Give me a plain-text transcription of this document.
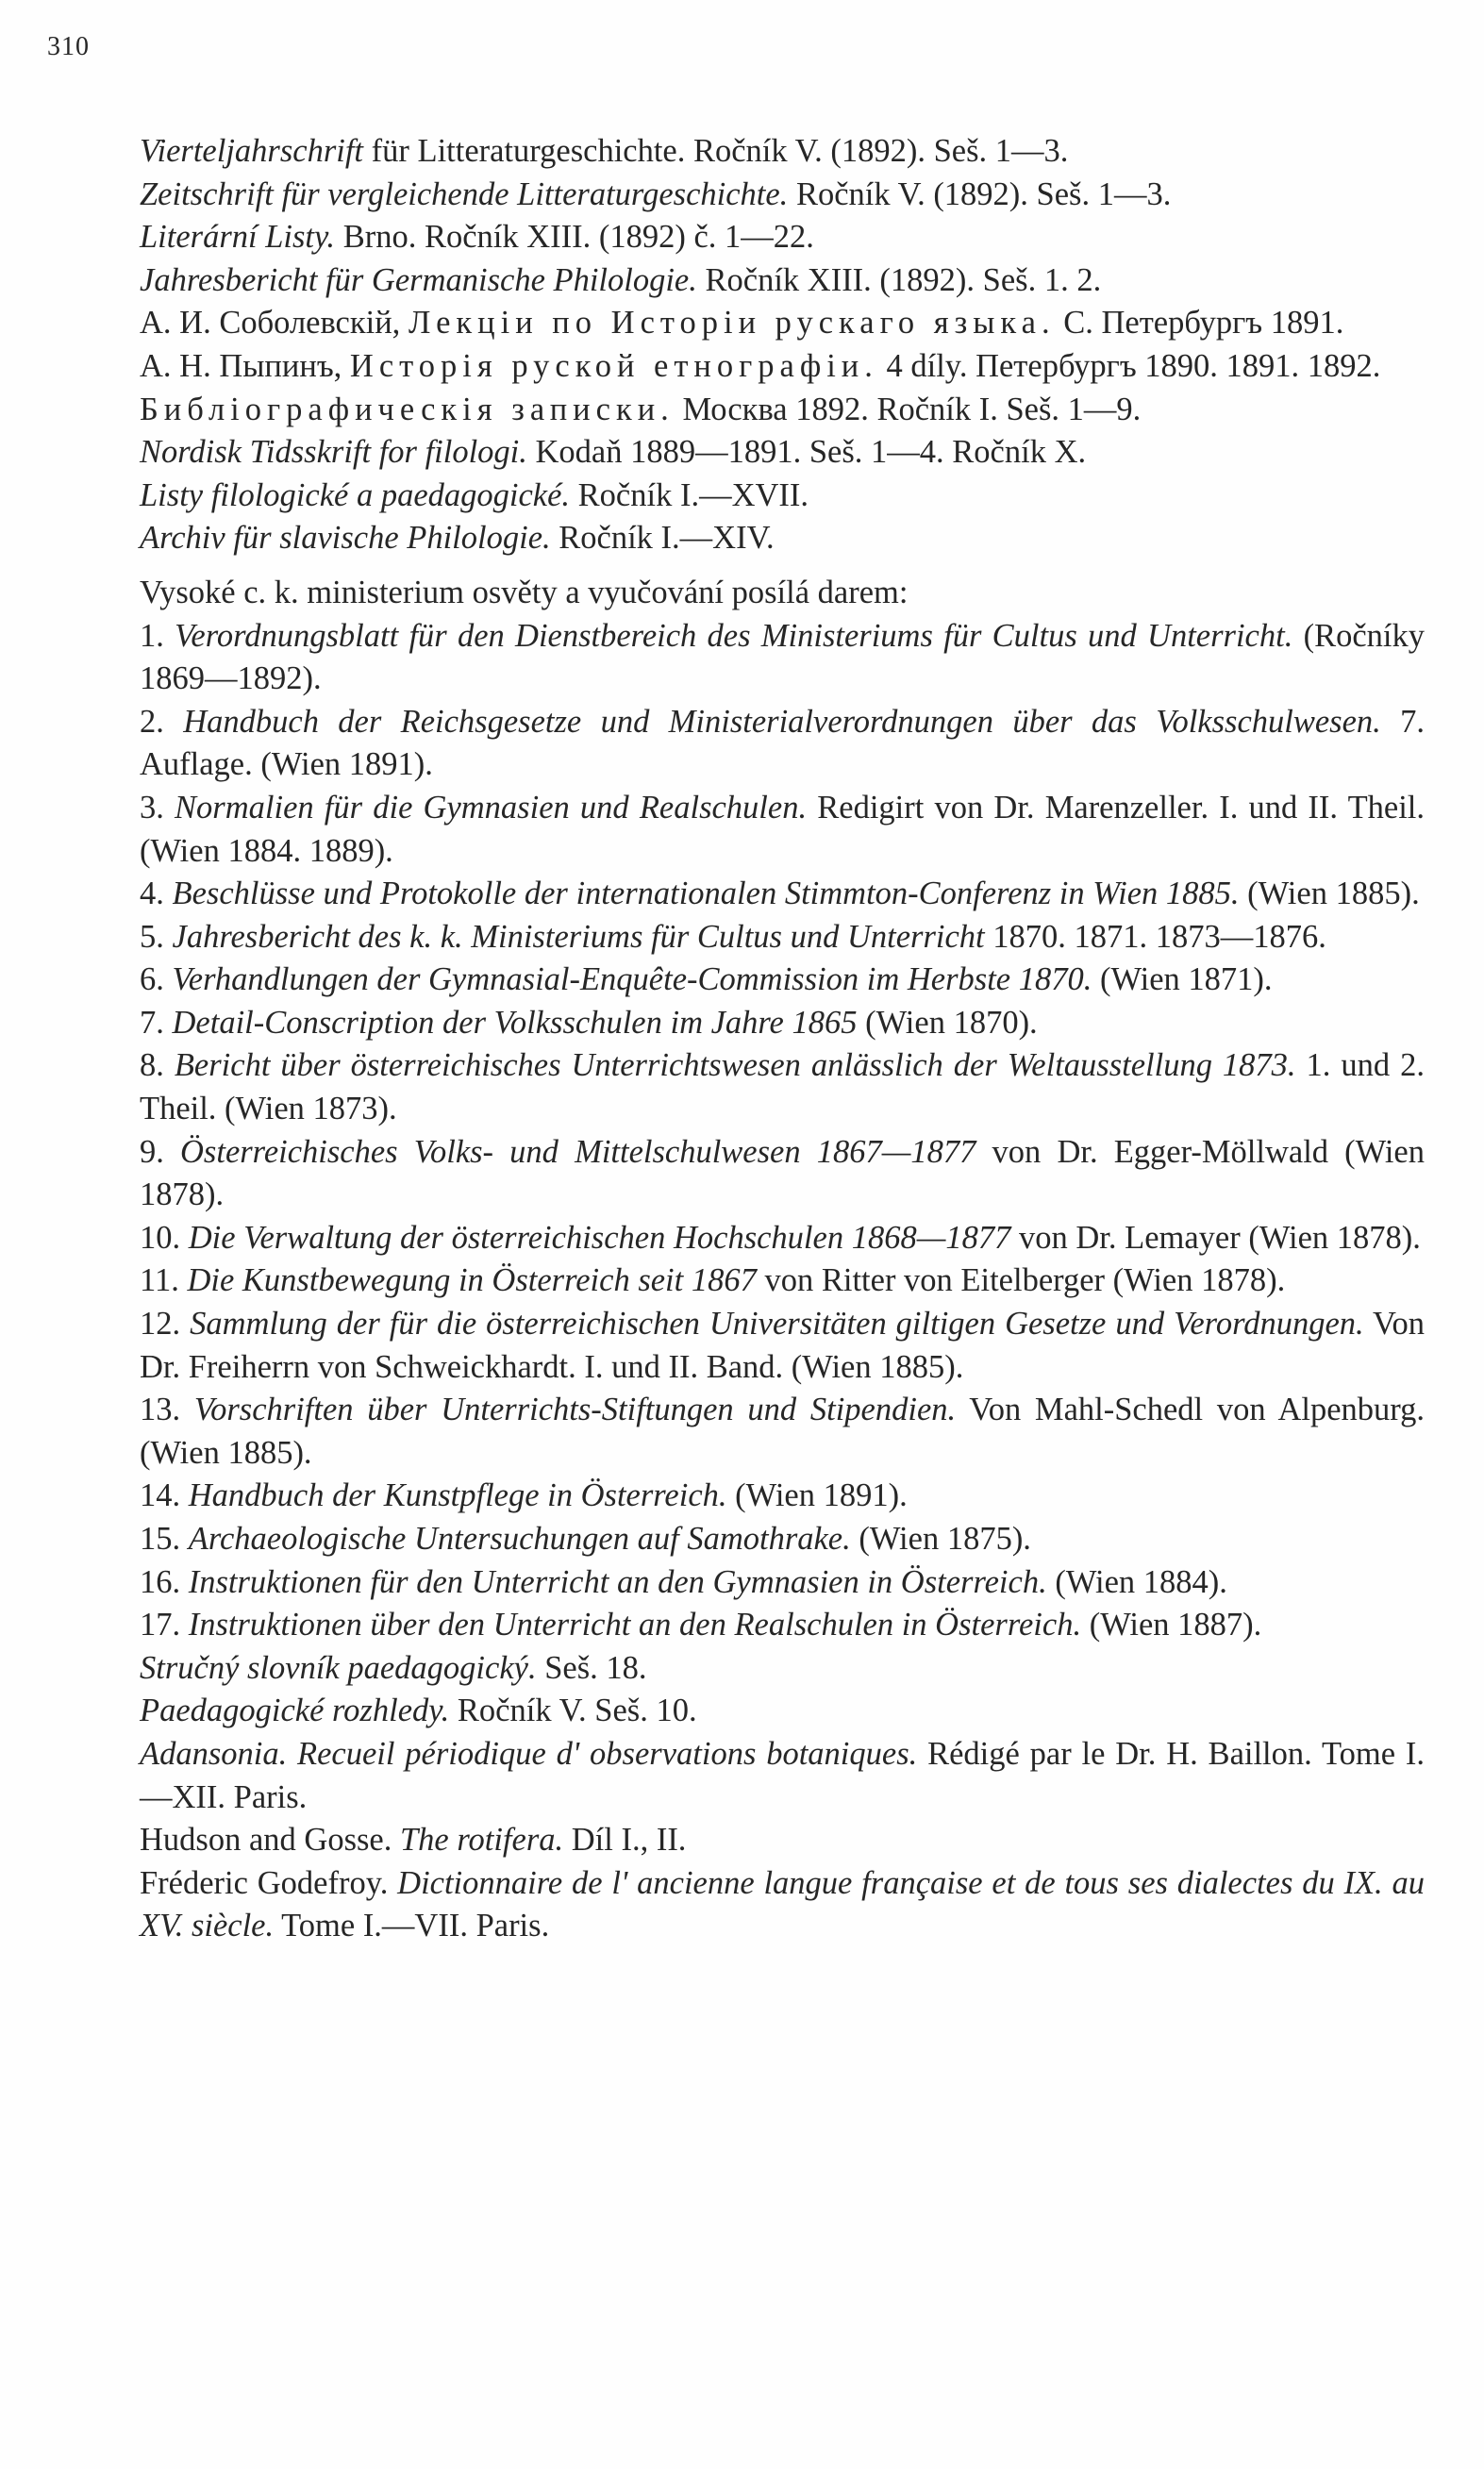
310

Vierteljahrschrift für Litteraturgeschichte. Ročník V. (1892). Seš. 1—3.

Zeitschrift für vergleichende Litteraturgeschichte. Ročník V. (1892). Seš. 1—3.

Literární Listy. Brno. Ročník XIII. (1892) č. 1—22.

Jahresbericht für Germanische Philologie. Ročník XIII. (1892). Seš. 1. 2.

А. И. Соболевскій, Лекціи по Исторіи рускаго языка. С. Петербургъ 1891.

А. Н. Пыпинъ, Исторія руской етнографіи. 4 díly. Петербургъ 1890. 1891. 1892.

Библіографическія записки. Москва 1892. Ročník I. Seš. 1—9.

Nordisk Tidsskrift for filologi. Kodaň 1889—1891. Seš. 1—4. Ročník X.

Listy filologické a paedagogické. Ročník I.—XVII.

Archiv für slavische Philologie. Ročník I.—XIV.

Vysoké c. k. ministerium osvěty a vyučování posílá darem:

1. Verordnungsblatt für den Dienstbereich des Ministeriums für Cultus und Unterricht. (Ročníky 1869—1892).

2. Handbuch der Reichsgesetze und Ministerialverordnungen über das Volksschulwesen. 7. Auflage. (Wien 1891).

3. Normalien für die Gymnasien und Realschulen. Redigirt von Dr. Marenzeller. I. und II. Theil. (Wien 1884. 1889).

4. Beschlüsse und Protokolle der internationalen Stimmton-Conferenz in Wien 1885. (Wien 1885).

5. Jahresbericht des k. k. Ministeriums für Cultus und Unterricht 1870. 1871. 1873—1876.

6. Verhandlungen der Gymnasial-Enquête-Commission im Herbste 1870. (Wien 1871).

7. Detail-Conscription der Volksschulen im Jahre 1865 (Wien 1870).

8. Bericht über österreichisches Unterrichtswesen anlässlich der Weltausstellung 1873. 1. und 2. Theil. (Wien 1873).

9. Österreichisches Volks- und Mittelschulwesen 1867—1877 von Dr. Egger-Möllwald (Wien 1878).

10. Die Verwaltung der österreichischen Hochschulen 1868—1877 von Dr. Lemayer (Wien 1878).

11. Die Kunstbewegung in Österreich seit 1867 von Ritter von Eitelberger (Wien 1878).

12. Sammlung der für die österreichischen Universitäten giltigen Gesetze und Verordnungen. Von Dr. Freiherrn von Schweickhardt. I. und II. Band. (Wien 1885).

13. Vorschriften über Unterrichts-Stiftungen und Stipendien. Von Mahl-Schedl von Alpenburg. (Wien 1885).

14. Handbuch der Kunstpflege in Österreich. (Wien 1891).

15. Archaeologische Untersuchungen auf Samothrake. (Wien 1875).

16. Instruktionen für den Unterricht an den Gymnasien in Österreich. (Wien 1884).

17. Instruktionen über den Unterricht an den Realschulen in Österreich. (Wien 1887).

Stručný slovník paedagogický. Seš. 18.

Paedagogické rozhledy. Ročník V. Seš. 10.

Adansonia. Recueil périodique d' observations botaniques. Rédigé par le Dr. H. Baillon. Tome I.—XII. Paris.

Hudson and Gosse. The rotifera. Díl I., II.

Fréderic Godefroy. Dictionnaire de l' ancienne langue française et de tous ses dialectes du IX. au XV. siècle. Tome I.—VII. Paris.
